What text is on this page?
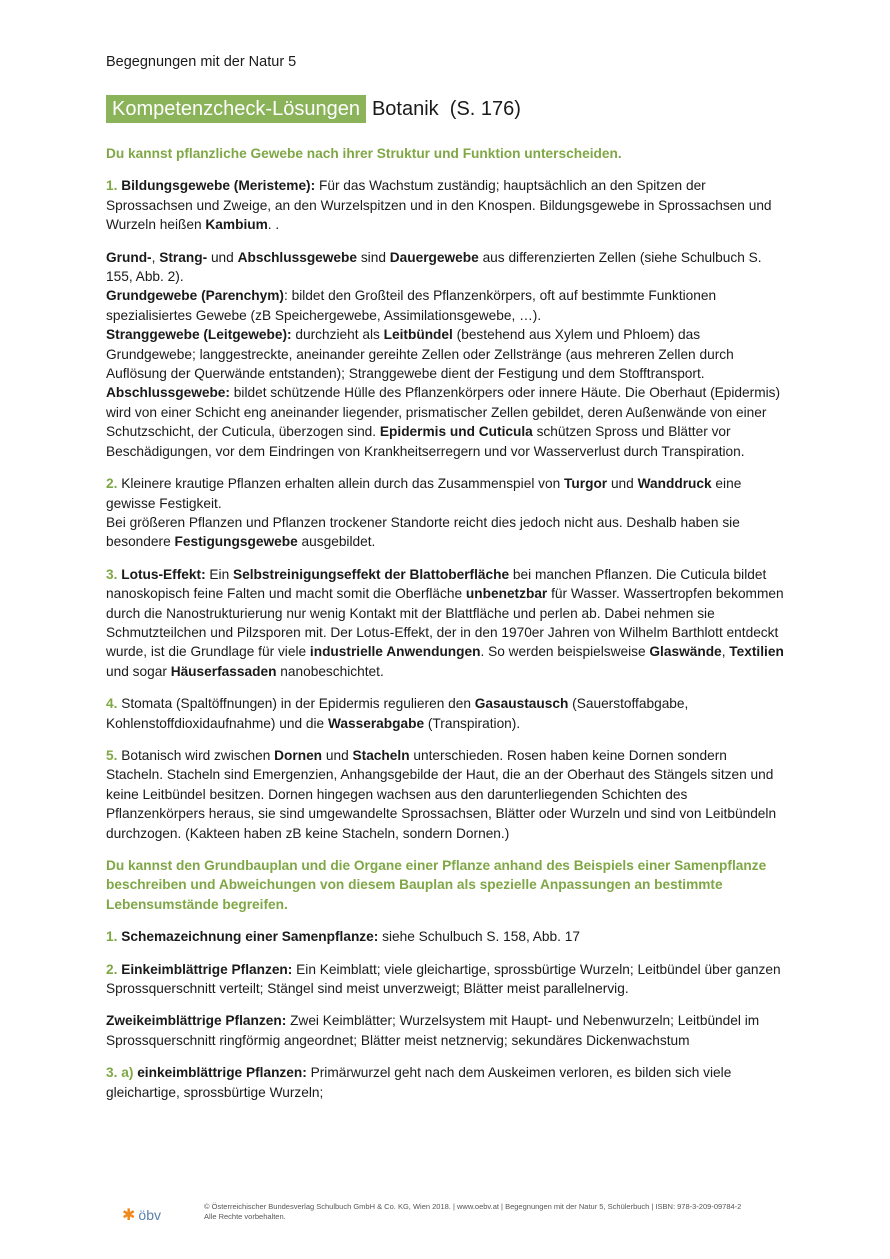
Begegnungen mit der Natur 5
Kompetenzcheck-Lösungen Botanik (S. 176)

Du kannst pflanzliche Gewebe nach ihrer Struktur und Funktion unterscheiden.

1. Bildungsgewebe (Meristeme): Für das Wachstum zuständig; hauptsächlich an den Spitzen der Sprossachsen und Zweige, an den Wurzelspitzen und in den Knospen. Bildungsgewebe in Sprossachsen und Wurzeln heißen Kambium. .

Grund-, Strang- und Abschlussgewebe sind Dauergewebe aus differenzierten Zellen (siehe Schulbuch S. 155, Abb. 2).
Grundgewebe (Parenchym): bildet den Großteil des Pflanzenkörpers, oft auf bestimmte Funktionen spezialisiertes Gewebe (zB Speichergewebe, Assimilationsgewebe, …).
Stranggewebe (Leitgewebe): durchzieht als Leitbündel (bestehend aus Xylem und Phloem) das Grundgewebe; langgestreckte, aneinander gereihte Zellen oder Zellstränge (aus mehreren Zellen durch Auflösung der Querwände entstanden); Stranggewebe dient der Festigung und dem Stofftransport.
Abschlussgewebe: bildet schützende Hülle des Pflanzenkörpers oder innere Häute. Die Oberhaut (Epidermis) wird von einer Schicht eng aneinander liegender, prismatischer Zellen gebildet, deren Außenwände von einer Schutzschicht, der Cuticula, überzogen sind. Epidermis und Cuticula schützen Spross und Blätter vor Beschädigungen, vor dem Eindringen von Krankheitserregern und vor Wasserverlust durch Transpiration.

2. Kleinere krautige Pflanzen erhalten allein durch das Zusammenspiel von Turgor und Wanddruck eine gewisse Festigkeit.
Bei größeren Pflanzen und Pflanzen trockener Standorte reicht dies jedoch nicht aus. Deshalb haben sie besondere Festigungsgewebe ausgebildet.

3. Lotus-Effekt: Ein Selbstreinigungseffekt der Blattoberfläche bei manchen Pflanzen. Die Cuticula bildet nanoskopisch feine Falten und macht somit die Oberfläche unbenetzbar für Wasser. Wassertropfen bekommen durch die Nanostrukturierung nur wenig Kontakt mit der Blattfläche und perlen ab. Dabei nehmen sie Schmutzteilchen und Pilzsporen mit. Der Lotus-Effekt, der in den 1970er Jahren von Wilhelm Barthlott entdeckt wurde, ist die Grundlage für viele industrielle Anwendungen. So werden beispielsweise Glaswände, Textilien und sogar Häuserfassaden nanobeschichtet.

4. Stomata (Spaltöffnungen) in der Epidermis regulieren den Gasaustausch (Sauerstoffabgabe, Kohlenstoffdioxidaufnahme) und die Wasserabgabe (Transpiration).

5. Botanisch wird zwischen Dornen und Stacheln unterschieden. Rosen haben keine Dornen sondern Stacheln. Stacheln sind Emergenzien, Anhangsgebilde der Haut, die an der Oberhaut des Stängels sitzen und keine Leitbündel besitzen. Dornen hingegen wachsen aus den darunterliegenden Schichten des Pflanzenkörpers heraus, sie sind umgewandelte Sprossachsen, Blätter oder Wurzeln und sind von Leitbündeln durchzogen. (Kakteen haben zB keine Stacheln, sondern Dornen.)

Du kannst den Grundbauplan und die Organe einer Pflanze anhand des Beispiels einer Samenpflanze beschreiben und Abweichungen von diesem Bauplan als spezielle Anpassungen an bestimmte Lebensumstände begreifen.

1. Schemazeichnung einer Samenpflanze: siehe Schulbuch S. 158, Abb. 17

2. Einkeimblättrige Pflanzen: Ein Keimblatt; viele gleichartige, sprossbürtige Wurzeln; Leitbündel über ganzen Sprossquerschnitt verteilt; Stängel sind meist unverzweigt; Blätter meist parallelnervig.

Zweikeimblättrige Pflanzen: Zwei Keimblätter; Wurzelsystem mit Haupt- und Nebenwurzeln; Leitbündel im Sprossquerschnitt ringförmig angeordnet; Blätter meist netznervig; sekundäres Dickenwachstum

3. a) einkeimblättrige Pflanzen: Primärwurzel geht nach dem Auskeimen verloren, es bilden sich viele gleichartige, sprossbürtige Wurzeln;

✱ öbv
© Österreichischer Bundesverlag Schulbuch GmbH & Co. KG, Wien 2018. | www.oebv.at | Begegnungen mit der Natur 5, Schülerbuch | ISBN: 978-3-209-09784-2
Alle Rechte vorbehalten.
